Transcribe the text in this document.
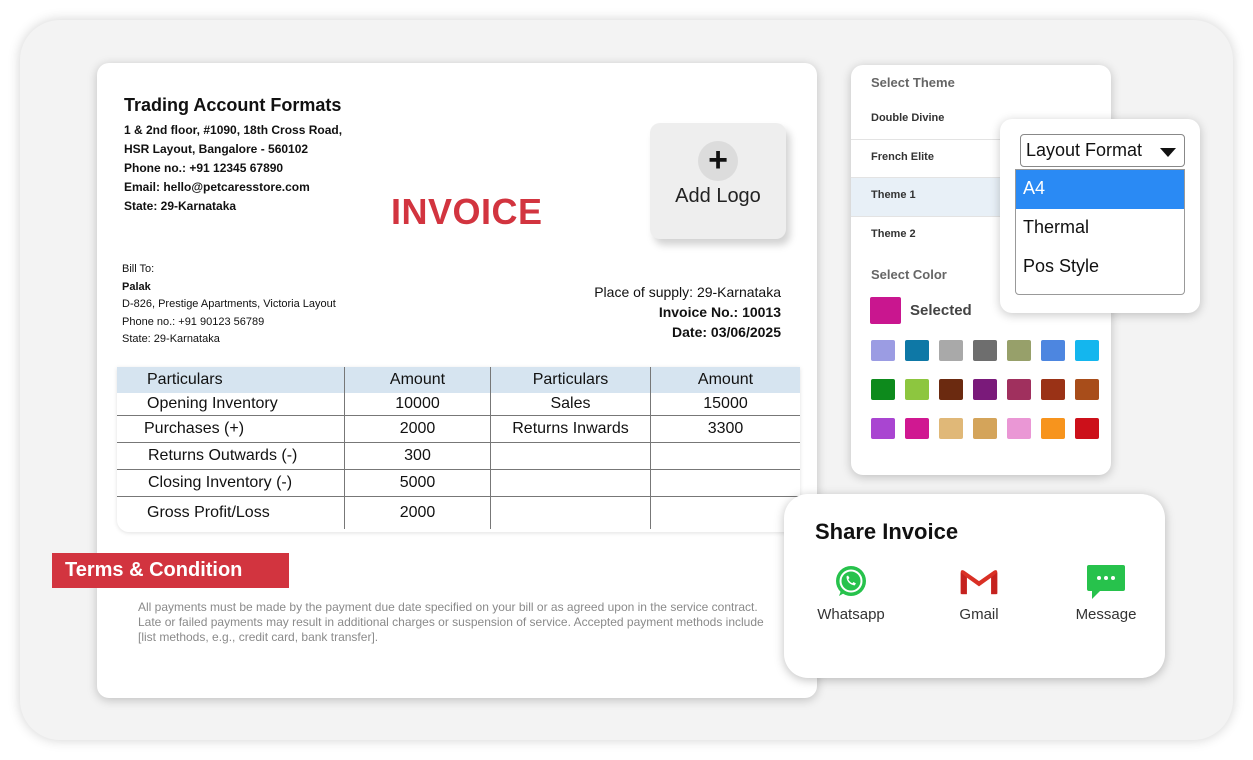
Trading Account Formats
1 & 2nd floor, #1090, 18th Cross Road,
HSR Layout, Bangalore - 560102
Phone no.: +91 12345 67890
Email: hello@petcaresstore.com
State: 29-Karnataka	INVOICE
+
Add Logo
Bill To:
Palak
D-826, Prestige Apartments, Victoria Layout
Phone no.: +91 90123 56789
State: 29-Karnataka
Place of supply: 29-Karnataka
Invoice No.: 10013
Date: 03/06/2025
Particulars	Amount	Particulars	Amount
Opening Inventory	10000	Sales	15000
Purchases (+)	2000	Returns Inwards	3300
Returns Outwards (-)	300
Closing Inventory (-)	5000
Gross Profit/Loss	2000
Terms & Condition
All payments must be made by the payment due date specified on your bill or as agreed upon in the service contract. Late or failed payments may result in additional charges or suspension of service. Accepted payment methods include [list methods, e.g., credit card, bank transfer].
Select Theme
Double Divine
French Elite
Theme 1
Theme 2
Select Color
Selected
Layout Format
A4
Thermal
Pos Style
Share Invoice
Whatsapp	Gmail	Message
